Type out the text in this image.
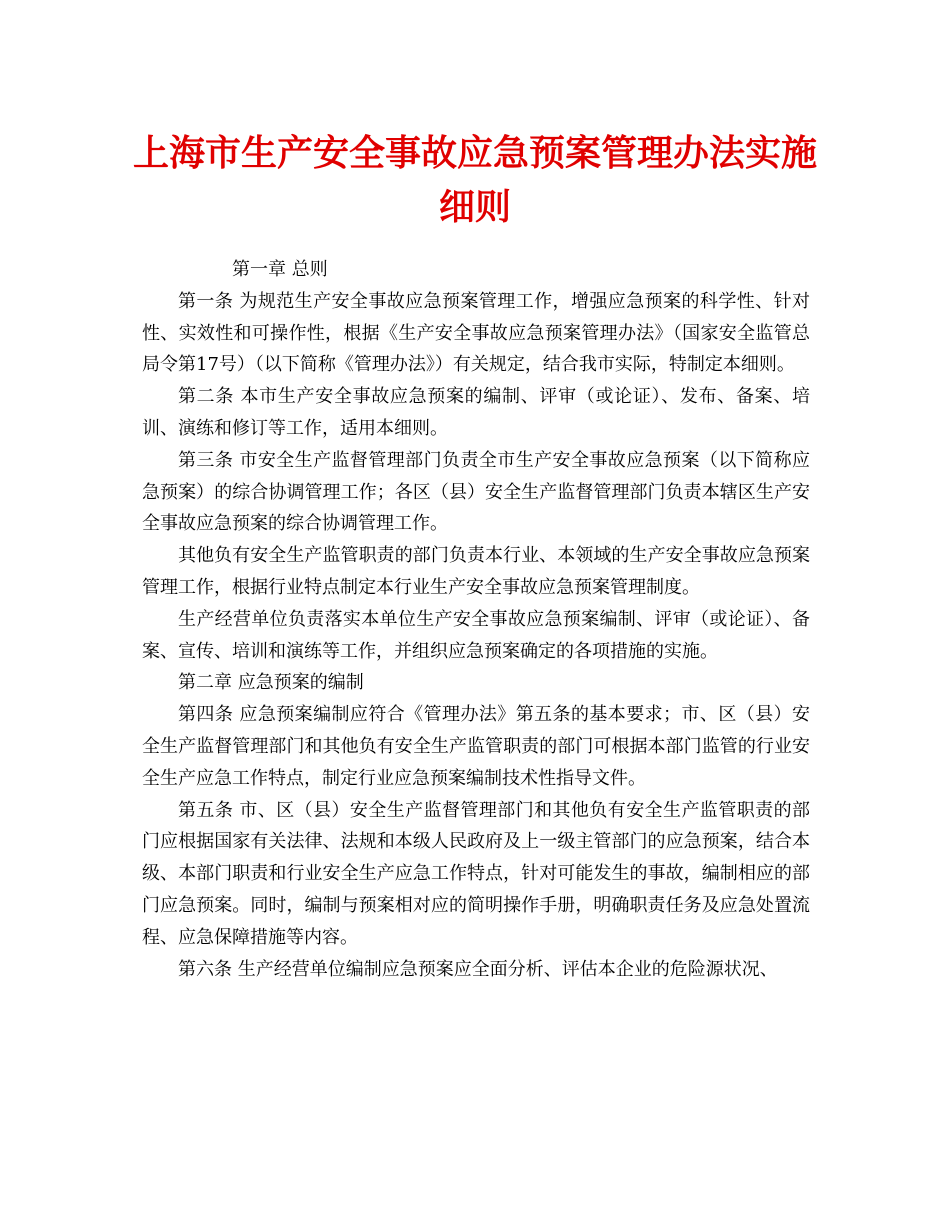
上海市生产安全事故应急预案管理办法实施
细则

第一章 总则

第一条 为规范生产安全事故应急预案管理工作，增强应急预案的科学性、针对性、实效性和可操作性，根据《生产安全事故应急预案管理办法》（国家安全监管总局令第17号）（以下简称《管理办法》）有关规定，结合我市实际，特制定本细则。

第二条 本市生产安全事故应急预案的编制、评审（或论证）、发布、备案、培训、演练和修订等工作，适用本细则。

第三条 市安全生产监督管理部门负责全市生产安全事故应急预案（以下简称应急预案）的综合协调管理工作；各区（县）安全生产监督管理部门负责本辖区生产安全事故应急预案的综合协调管理工作。

其他负有安全生产监管职责的部门负责本行业、本领域的生产安全事故应急预案管理工作，根据行业特点制定本行业生产安全事故应急预案管理制度。

生产经营单位负责落实本单位生产安全事故应急预案编制、评审（或论证）、备案、宣传、培训和演练等工作，并组织应急预案确定的各项措施的实施。

第二章 应急预案的编制

第四条 应急预案编制应符合《管理办法》第五条的基本要求；市、区（县）安全生产监督管理部门和其他负有安全生产监管职责的部门可根据本部门监管的行业安全生产应急工作特点，制定行业应急预案编制技术性指导文件。

第五条 市、区（县）安全生产监督管理部门和其他负有安全生产监管职责的部门应根据国家有关法律、法规和本级人民政府及上一级主管部门的应急预案，结合本级、本部门职责和行业安全生产应急工作特点，针对可能发生的事故，编制相应的部门应急预案。同时，编制与预案相对应的简明操作手册，明确职责任务及应急处置流程、应急保障措施等内容。

第六条 生产经营单位编制应急预案应全面分析、评估本企业的危险源状况、
